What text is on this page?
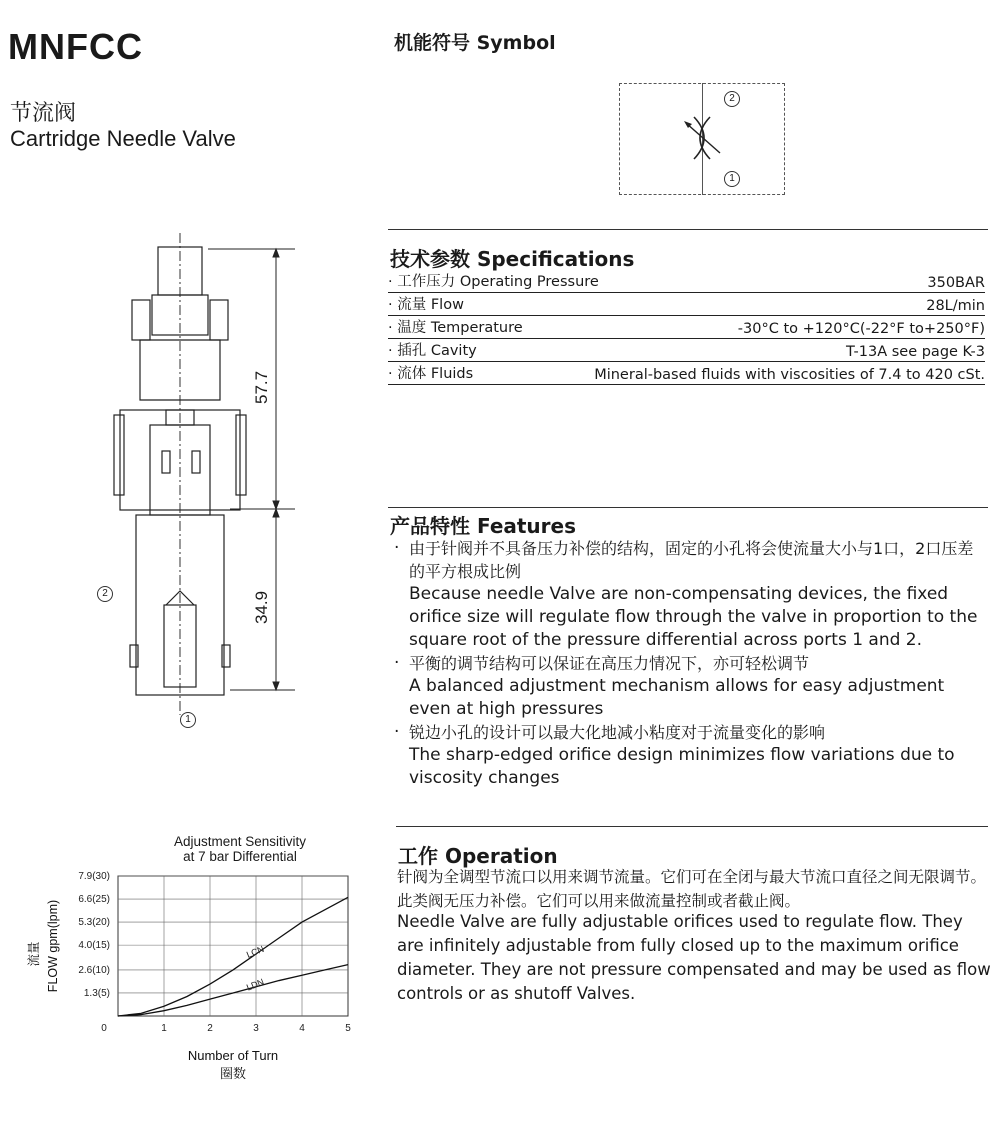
MNFCC
节流阀
Cartridge Needle Valve
机能符号 Symbol
2
1
57.7
34.9
2
1
技术参数 Specifications
· 工作压力 Operating Pressure	350BAR
· 流量 Flow	28L/min
· 温度 Temperature	-30°C to +120°C(-22°F to+250°F)
· 插孔 Cavity	T-13A see page K-3
· 流体 Fluids	Mineral-based fluids with viscosities of 7.4 to 420 cSt.
产品特性 Features
· 由于针阀并不具备压力补偿的结构，固定的小孔将会使流量大小与1口，2口压差的平方根成比例
Because needle Valve are non-compensating devices, the fixed orifice size will regulate flow through the valve in proportion to the square root of the pressure differential across ports 1 and 2.
· 平衡的调节结构可以保证在高压力情况下，亦可轻松调节
A balanced adjustment mechanism allows for easy adjustment even at high pressures
· 锐边小孔的设计可以最大化地减小粘度对于流量变化的影响
The sharp-edged orifice design minimizes flow variations due to viscosity changes
工作 Operation
针阀为全调型节流口以用来调节流量。它们可在全闭与最大节流口直径之间无限调节。此类阀无压力补偿。它们可以用来做流量控制或者截止阀。
Needle Valve are fully adjustable orifices used to regulate flow. They are infinitely adjustable from fully closed up to the maximum orifice diameter. They are not pressure compensated and may be used as flow controls or as shutoff Valves.
Adjustment Sensitivity
at 7 bar Differential
0	1	2	3	4	5
1.3(5)
2.6(10)
4.0(15)
5.3(20)
6.6(25)
7.9(30)
LCN
LDN
Number of Turn
圈数
FLOW gpm(lpm)
流量
